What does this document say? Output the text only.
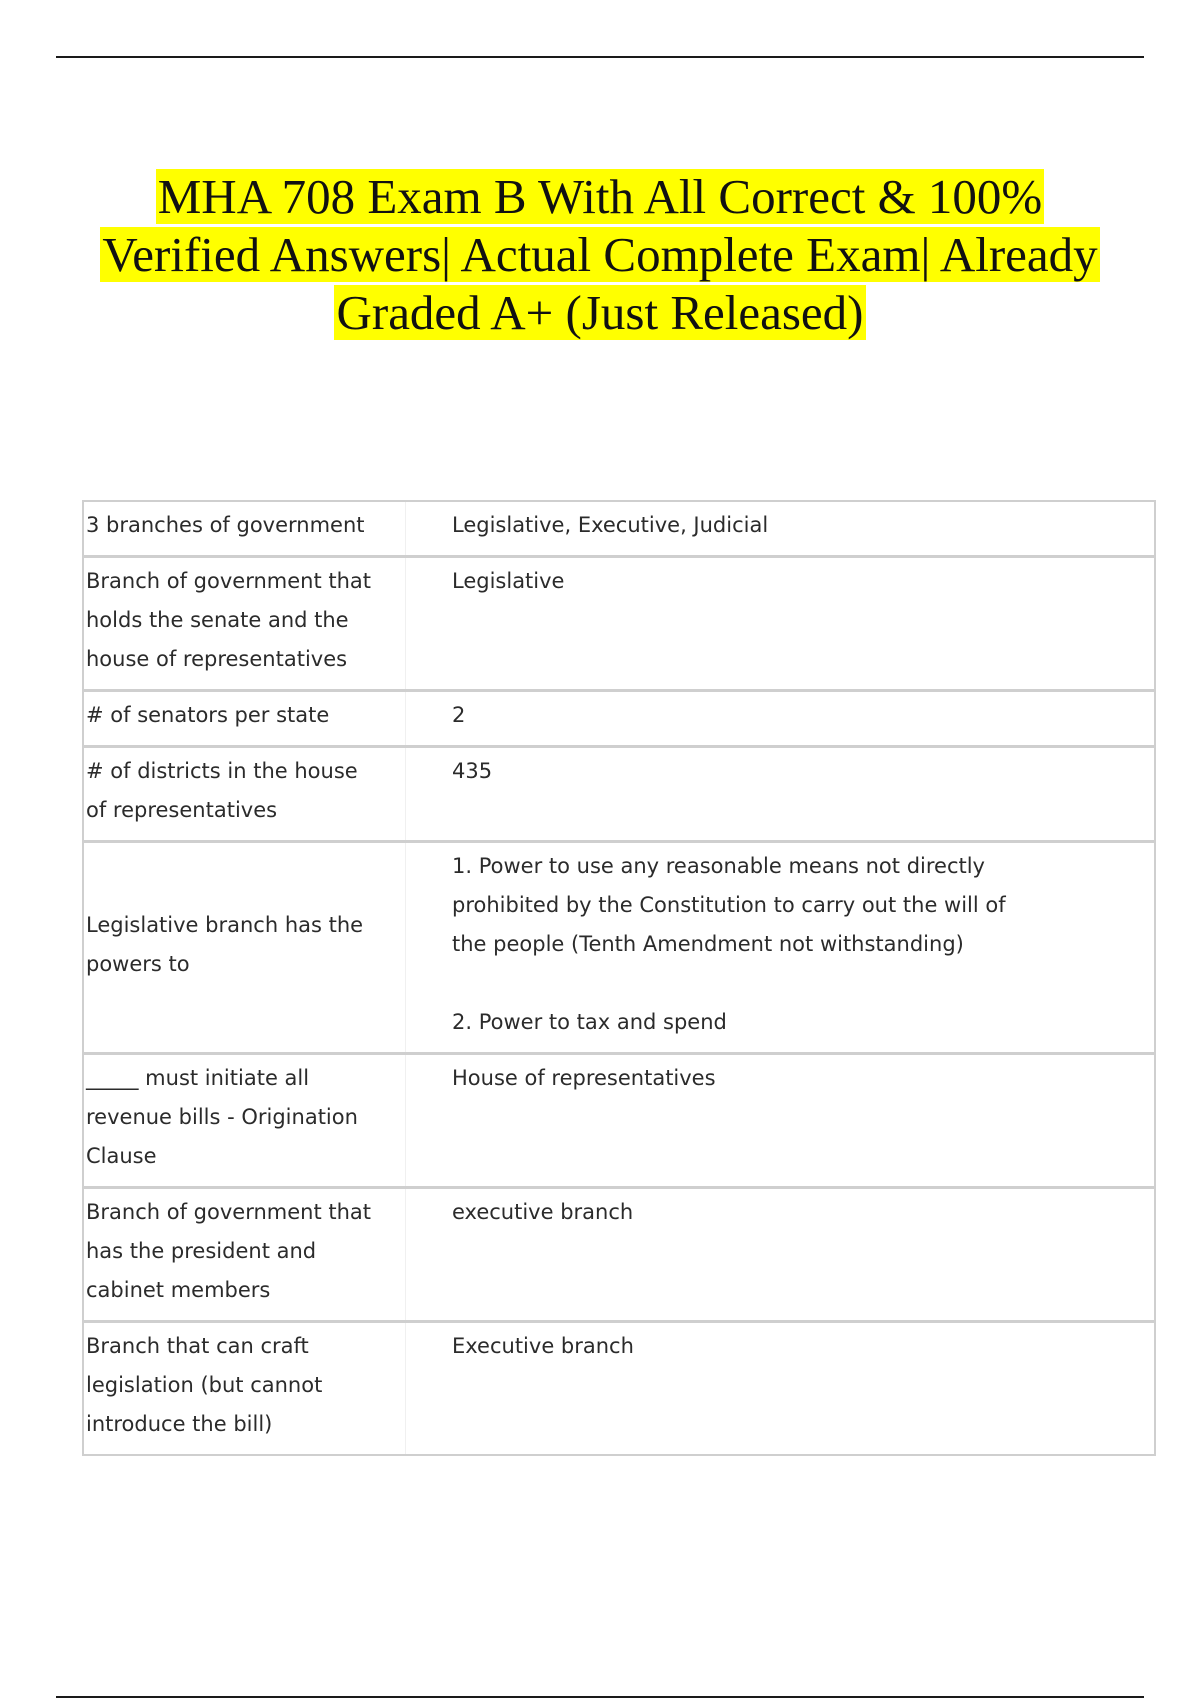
MHA 708 Exam B With All Correct & 100%
Verified Answers| Actual Complete Exam| Already
Graded A+ (Just Released)
3 branches of government	Legislative, Executive, Judicial
Branch of government that
holds the senate and the
house of representatives
Legislative
# of senators per state	2
# of districts in the house
of representatives
435
Legislative branch has the
powers to
1. Power to use any reasonable means not directly
prohibited by the Constitution to carry out the will of
the people (Tenth Amendment not withstanding)

2. Power to tax and spend
_____ must initiate all
revenue bills - Origination
Clause
House of representatives
Branch of government that
has the president and
cabinet members
executive branch
Branch that can craft
legislation (but cannot
introduce the bill)
Executive branch
